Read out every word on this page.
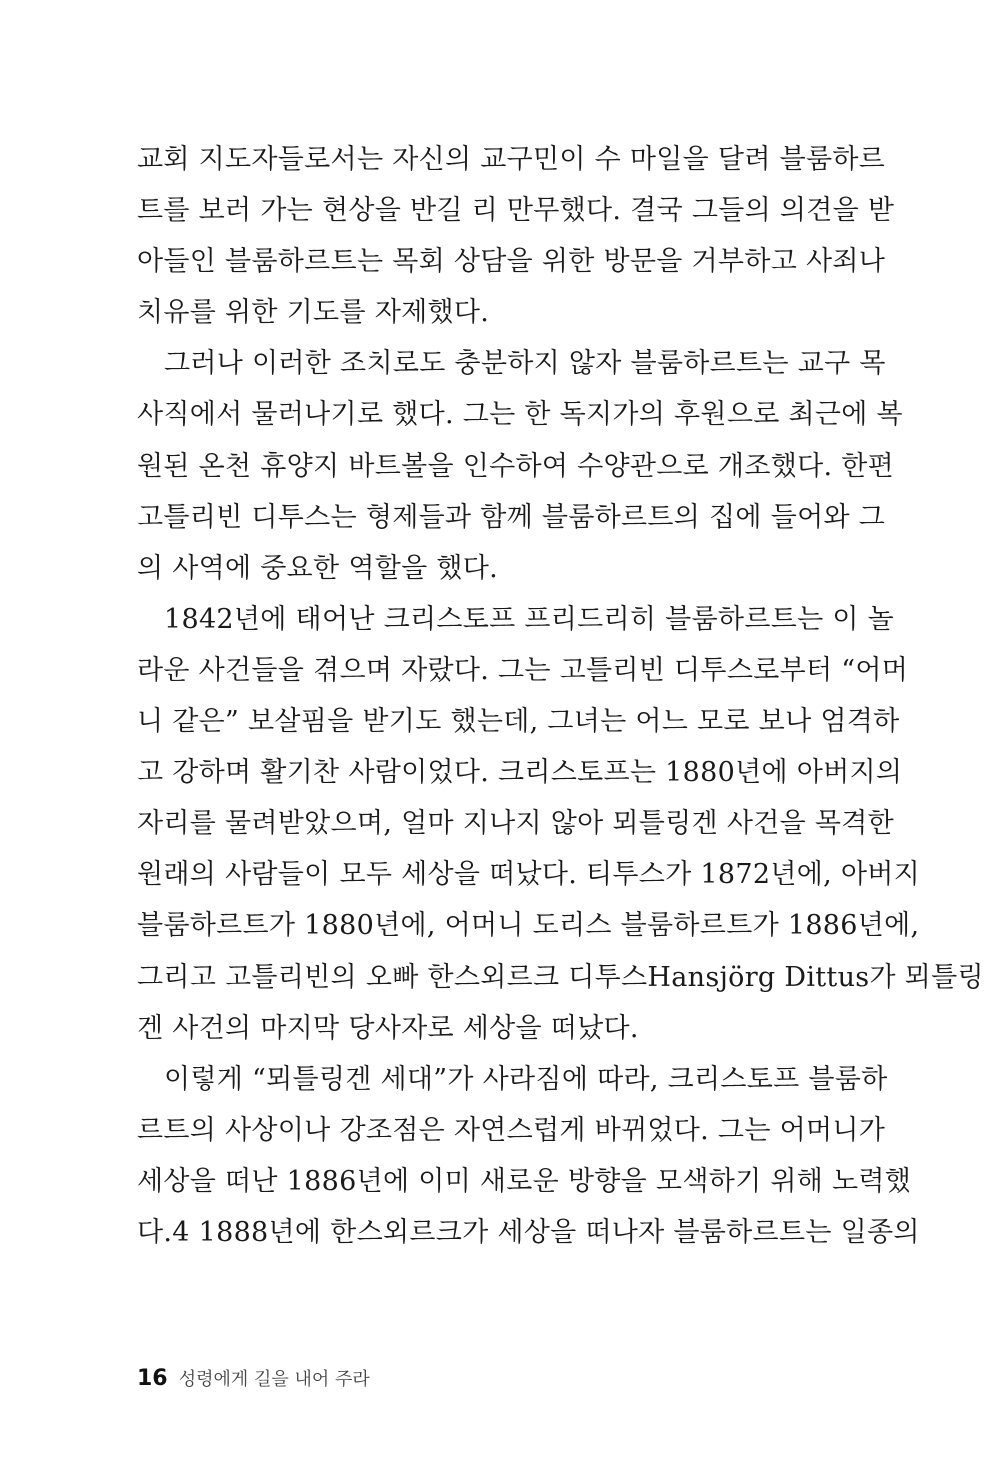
교회 지도자들로서는 자신의 교구민이 수 마일을 달려 블룸하르
트를 보러 가는 현상을 반길 리 만무했다. 결국 그들의 의견을 받
아들인 블룸하르트는 목회 상담을 위한 방문을 거부하고 사죄나
치유를 위한 기도를 자제했다.
그러나 이러한 조치로도 충분하지 않자 블룸하르트는 교구 목
사직에서 물러나기로 했다. 그는 한 독지가의 후원으로 최근에 복
원된 온천 휴양지 바트볼을 인수하여 수양관으로 개조했다. 한편
고틀리빈 디투스는 형제들과 함께 블룸하르트의 집에 들어와 그
의 사역에 중요한 역할을 했다.
1842년에 태어난 크리스토프 프리드리히 블룸하르트는 이 놀
라운 사건들을 겪으며 자랐다. 그는 고틀리빈 디투스로부터 “어머
니 같은” 보살핌을 받기도 했는데, 그녀는 어느 모로 보나 엄격하
고 강하며 활기찬 사람이었다. 크리스토프는 1880년에 아버지의
자리를 물려받았으며, 얼마 지나지 않아 뫼틀링겐 사건을 목격한
원래의 사람들이 모두 세상을 떠났다. 티투스가 1872년에, 아버지
블룸하르트가 1880년에, 어머니 도리스 블룸하르트가 1886년에,
그리고 고틀리빈의 오빠 한스외르크 디투스Hansjörg Dittus가 뫼틀링
겐 사건의 마지막 당사자로 세상을 떠났다.
이렇게 “뫼틀링겐 세대”가 사라짐에 따라, 크리스토프 블룸하
르트의 사상이나 강조점은 자연스럽게 바뀌었다. 그는 어머니가
세상을 떠난 1886년에 이미 새로운 방향을 모색하기 위해 노력했
다.4 1888년에 한스외르크가 세상을 떠나자 블룸하르트는 일종의
16 성령에게 길을 내어 주라
